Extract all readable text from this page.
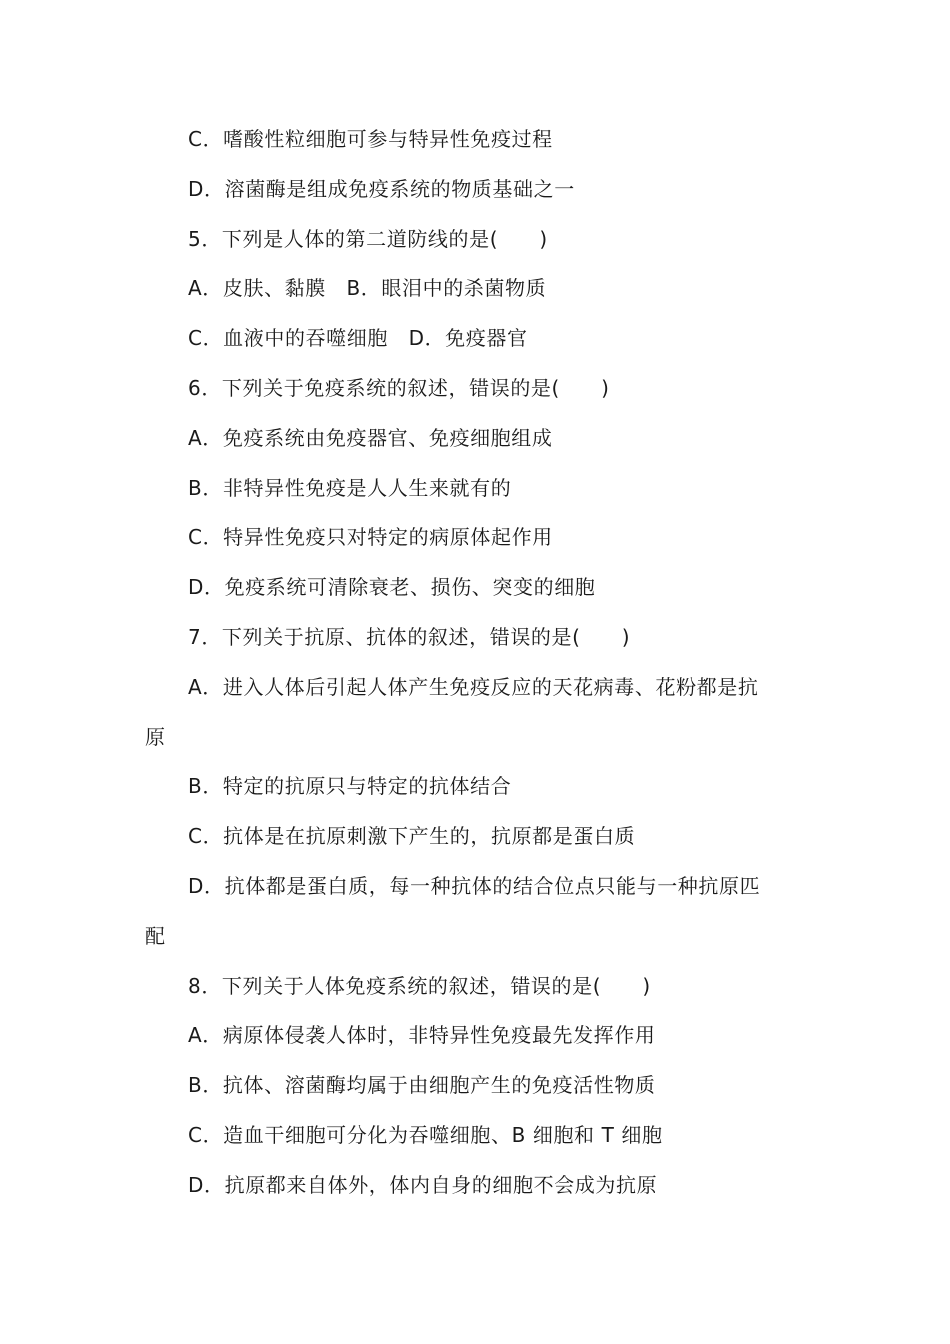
C．嗜酸性粒细胞可参与特异性免疫过程
D．溶菌酶是组成免疫系统的物质基础之一
5．下列是人体的第二道防线的是(　　)
A．皮肤、黏膜　B．眼泪中的杀菌物质
C．血液中的吞噬细胞　D．免疫器官
6．下列关于免疫系统的叙述，错误的是(　　)
A．免疫系统由免疫器官、免疫细胞组成
B．非特异性免疫是人人生来就有的
C．特异性免疫只对特定的病原体起作用
D．免疫系统可清除衰老、损伤、突变的细胞
7．下列关于抗原、抗体的叙述，错误的是(　　)
A．进入人体后引起人体产生免疫反应的天花病毒、花粉都是抗
原
B．特定的抗原只与特定的抗体结合
C．抗体是在抗原刺激下产生的，抗原都是蛋白质
D．抗体都是蛋白质，每一种抗体的结合位点只能与一种抗原匹
配
8．下列关于人体免疫系统的叙述，错误的是(　　)
A．病原体侵袭人体时，非特异性免疫最先发挥作用
B．抗体、溶菌酶均属于由细胞产生的免疫活性物质
C．造血干细胞可分化为吞噬细胞、B 细胞和 T 细胞
D．抗原都来自体外，体内自身的细胞不会成为抗原
